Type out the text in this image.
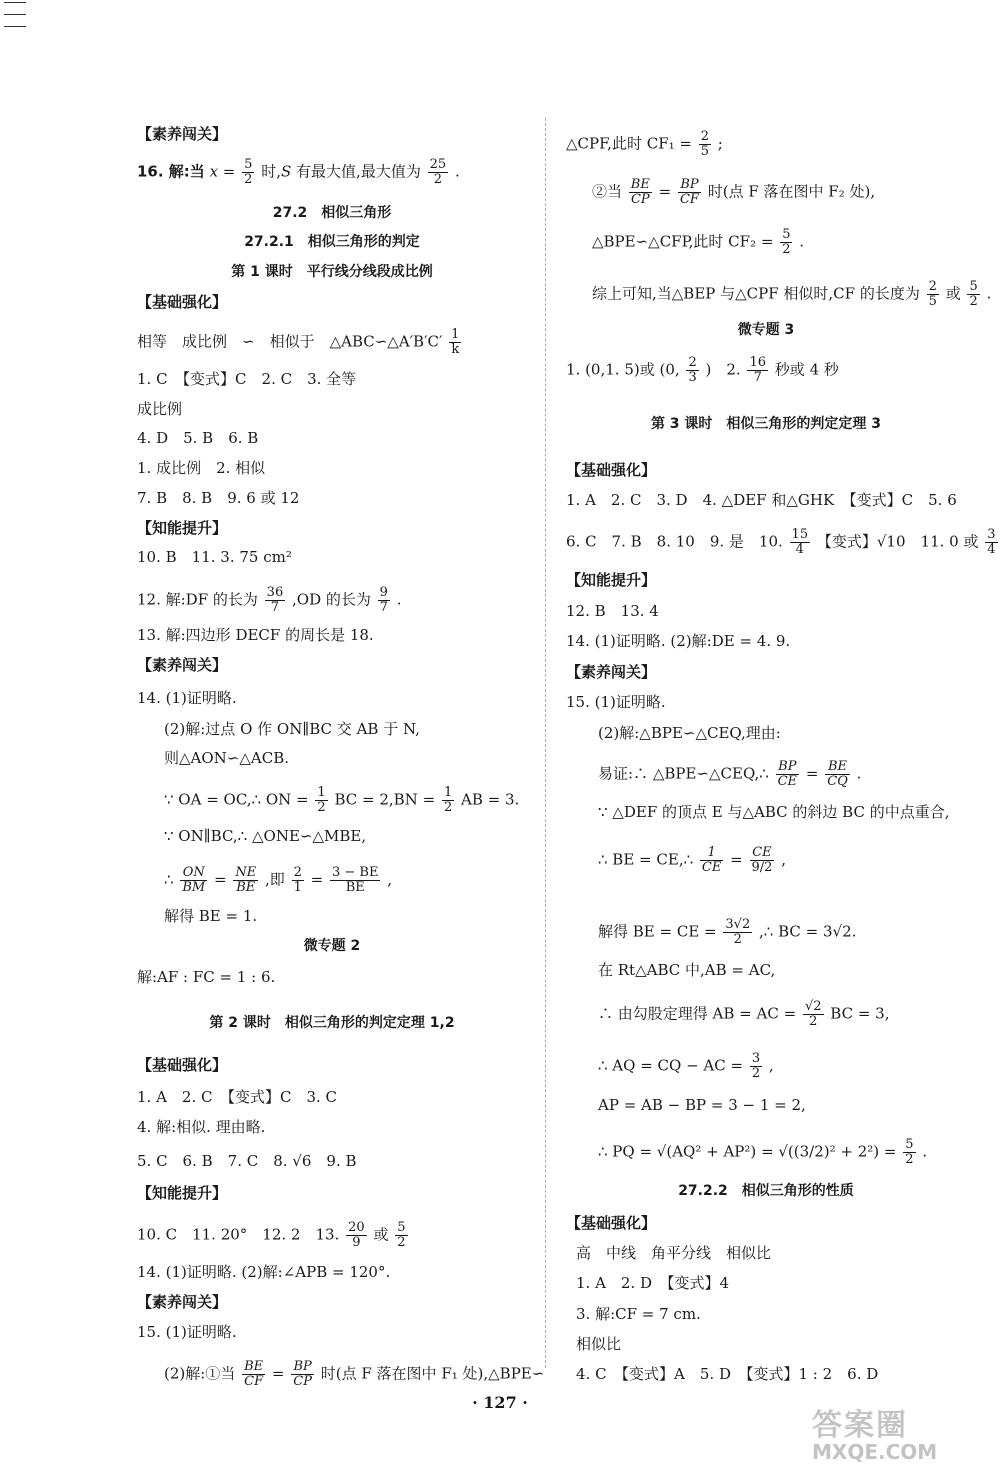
【素养闯关】
16. 解:当 $x = \frac{5}{2}$ 时,S 有最大值,最大值为 $\frac{25}{2}$ .
27.2　相似三角形
27.2.1　相似三角形的判定
第 1 课时　平行线分线段成比例
【基础强化】
相等　成比例　∽　相似于　△ABC∽△A′B′C′ $\frac{1}{k}$
1. C　【变式】C　2. C　3. 全等
成比例
4. D　5. B　6. B
1. 成比例　2. 相似
7. B　8. B　9. 6 或 12
【知能提升】
10. B　11. 3. 75 cm²
12. 解:DF 的长为 $\frac{36}{7} ,OD$ 的长为 $\frac{9}{7}$ .
13. 解:四边形 DECF 的周长是 18.
【素养闯关】
14. (1)证明略.
(2)解:过点 O 作 ON∥BC 交 AB 于 N,
则△AON∽△ACB.
∵ OA = OC,∴ ON = $\frac{1}{2}$ BC = $2,BN = \frac{1}{2}$ AB = 3.
∵ ON∥BC,∴ △ONE∽△MBE,
∴ $\frac{ON}{BM} = \frac{NE}{BE}$ ,即 $\frac{2}{1} = \frac{3 - BE}{BE}$ ,
解得 BE = 1.
微专题 2
解:AF : FC = 1 : 6.
第 2 课时　相似三角形的判定定理 1,2
【基础强化】
1. A　2. C　【变式】C　3. C
4. 解:相似. 理由略.
5. C　6. B　7. C　8. √6　9. B
【知能提升】
10. C　11. 20°　12. 2　13. $\frac{20}{9}$ 或 $\frac{5}{2}$
14. (1)证明略. (2)解:∠APB = 120°.
【素养闯关】
15. (1)证明略.
(2)解:①当 $\frac{BE}{CF} = \frac{BP}{CP}$ 时(点 F 落在图中 F₁ 处),△BPE∽
△CPF,此时 $CF_1 = \frac{2}{5}$ ;
②当 $\frac{BE}{CP} = \frac{BP}{CF}$ 时(点 F 落在图中 F₂ 处),
△BPE∽△CFP,此时 $CF_2 = \frac{5}{2}$ .
综上可知,当△BEP 与△CPF 相似时,CF 的长度为 $\frac{2}{5}$ 或 $\frac{5}{2}$ .
微专题 3
1. (0,1. 5)或 (0, $\frac{2}{3}$ )　2. $\frac{16}{7}$ 秒或 4 秒
第 3 课时　相似三角形的判定定理 3
【基础强化】
1. A　2. C　3. D　4. △DEF 和△GHK　【变式】C　5. 6
6. C　7. B　8. 10　9. 是　10. $\frac{15}{4}$ 【变式】√10　11. 0 或 $\frac{3}{4}$
【知能提升】
12. B　13. 4
14. (1)证明略. (2)解:DE = 4. 9.
【素养闯关】
15. (1)证明略.
(2)解:△BPE∽△CEQ,理由:
易证:∴ △BPE∽△CEQ,∴ $\frac{BP}{CE} = \frac{BE}{CQ}$ .
∵ △DEF 的顶点 E 与△ABC 的斜边 BC 的中点重合,
∴ BE = CE,∴ $\frac{1}{CE} = \frac{CE}{9/2}$ ,
解得 BE = CE = $\frac{3√2}{2}$ ,∴ BC = 3√2.
在 Rt△ABC 中,AB = AC,
∴ 由勾股定理得 AB = AC = $\frac{√2}{2}$ BC = 3,
∴ AQ = CQ − AC = $\frac{3}{2}$ ,
AP = AB − BP = 3 − 1 = 2,
∴ PQ = $√(AQ^2 + AP^2) = √((3/2)^2 + 2^2) = \frac{5}{2}$ .
27.2.2　相似三角形的性质
【基础强化】
高　中线　角平分线　相似比
1. A　2. D　【变式】4
3. 解:CF = 7 cm.
相似比
4. C　【变式】A　5. D　【变式】1 : 2　6. D
· 127 ·
答案圈
MXQE.COM
